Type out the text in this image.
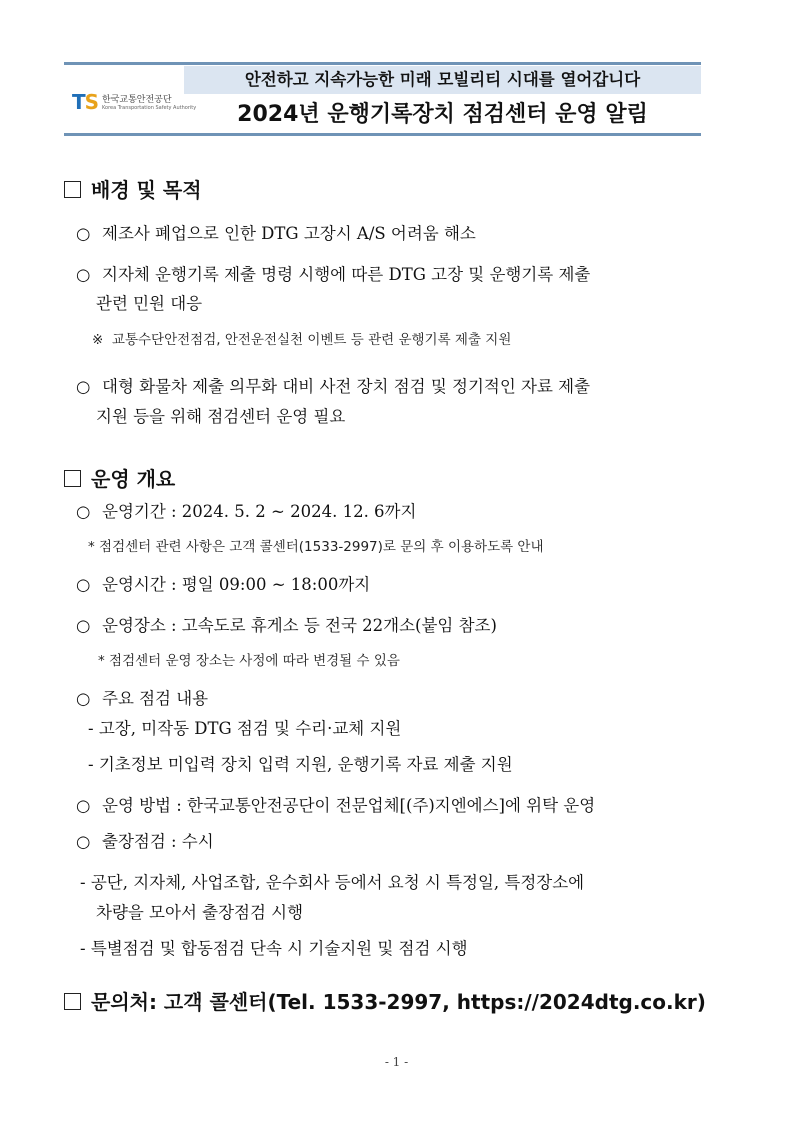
안전하고 지속가능한 미래 모빌리티 시대를 열어갑니다
2024년 운행기록장치 점검센터 운영 알림
TS 한국교통안전공단
Korea Transportation Safety Authority
배경 및 목적
○ 제조사 폐업으로 인한 DTG 고장시 A/S 어려움 해소
○ 지자체 운행기록 제출 명령 시행에 따른 DTG 고장 및 운행기록 제출
관련 민원 대응
※ 교통수단안전점검, 안전운전실천 이벤트 등 관련 운행기록 제출 지원
○ 대형 화물차 제출 의무화 대비 사전 장치 점검 및 정기적인 자료 제출
지원 등을 위해 점검센터 운영 필요
운영 개요
○ 운영기간 : 2024. 5. 2 ~ 2024. 12. 6까지
* 점검센터 관련 사항은 고객 콜센터(1533-2997)로 문의 후 이용하도록 안내
○ 운영시간 : 평일 09:00 ~ 18:00까지
○ 운영장소 : 고속도로 휴게소 등 전국 22개소(붙임 참조)
* 점검센터 운영 장소는 사정에 따라 변경될 수 있음
○ 주요 점검 내용
- 고장, 미작동 DTG 점검 및 수리·교체 지원
- 기초정보 미입력 장치 입력 지원, 운행기록 자료 제출 지원
○ 운영 방법 : 한국교통안전공단이 전문업체[(주)지엔에스]에 위탁 운영
○ 출장점검 : 수시
- 공단, 지자체, 사업조합, 운수회사 등에서 요청 시 특정일, 특정장소에
차량을 모아서 출장점검 시행
- 특별점검 및 합동점검 단속 시 기술지원 및 점검 시행
문의처: 고객 콜센터(Tel. 1533-2997, https://2024dtg.co.kr)
- 1 -
